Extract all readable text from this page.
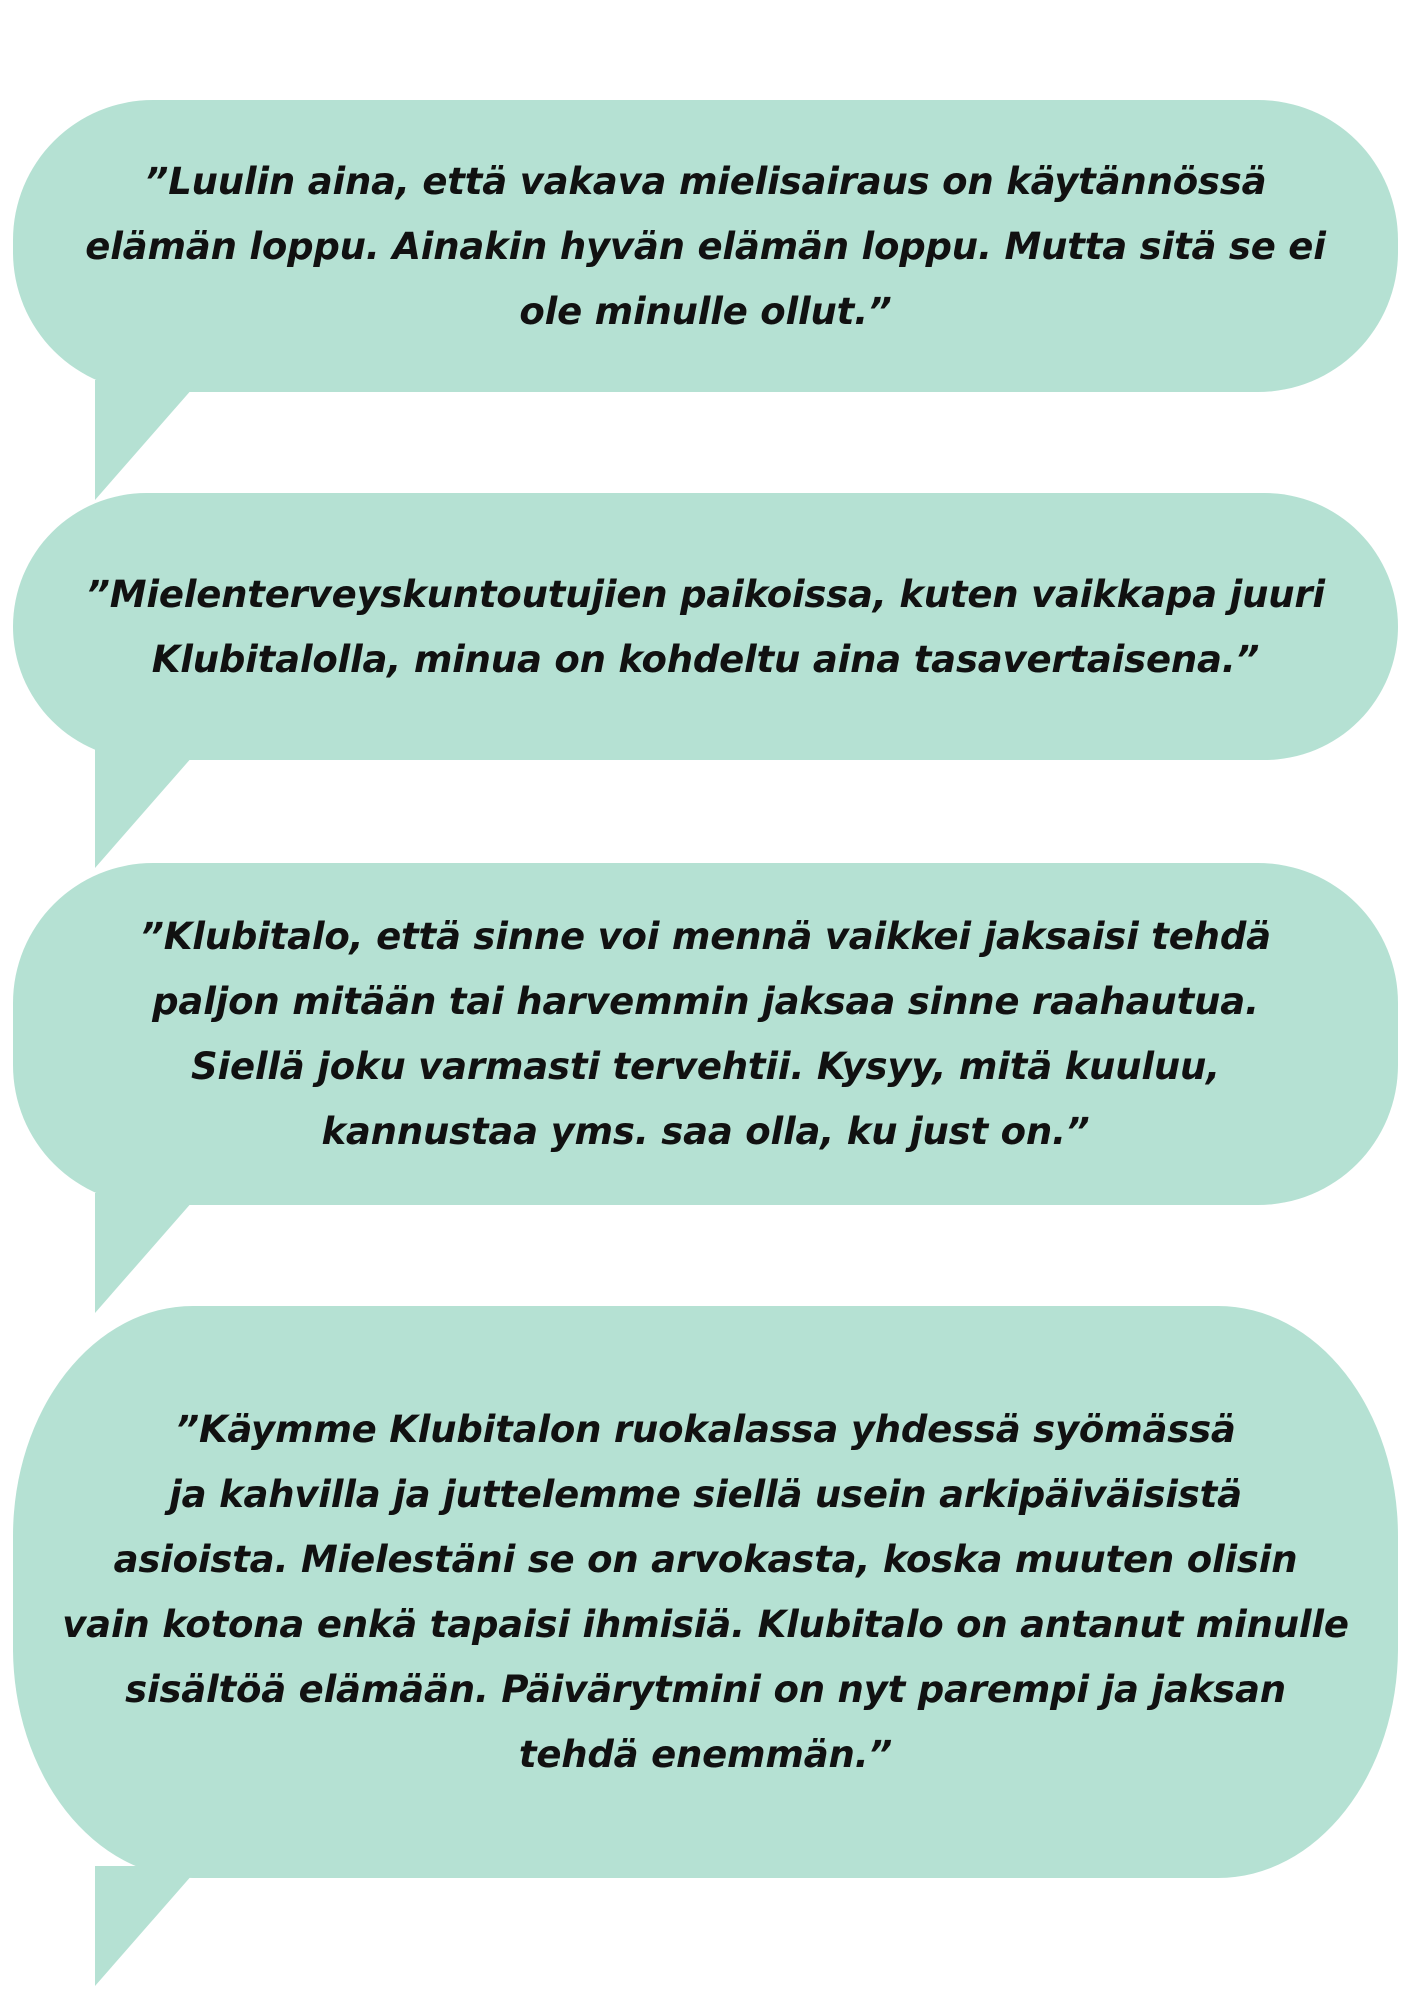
”Luulin aina, että vakava mielisairaus on käytännössä
elämän loppu. Ainakin hyvän elämän loppu. Mutta sitä se ei
ole minulle ollut.”

”Mielenterveyskuntoutujien paikoissa, kuten vaikkapa juuri
Klubitalolla, minua on kohdeltu aina tasavertaisena.”

”Klubitalo, että sinne voi mennä vaikkei jaksaisi tehdä
paljon mitään tai harvemmin jaksaa sinne raahautua.
Siellä joku varmasti tervehtii. Kysyy, mitä kuuluu,
kannustaa yms. saa olla, ku just on.”

”Käymme Klubitalon ruokalassa yhdessä syömässä
ja kahvilla ja juttelemme siellä usein arkipäiväisistä
asioista. Mielestäni se on arvokasta, koska muuten olisin
vain kotona enkä tapaisi ihmisiä. Klubitalo on antanut minulle
sisältöä elämään. Päivärytmini on nyt parempi ja jaksan
tehdä enemmän.”
